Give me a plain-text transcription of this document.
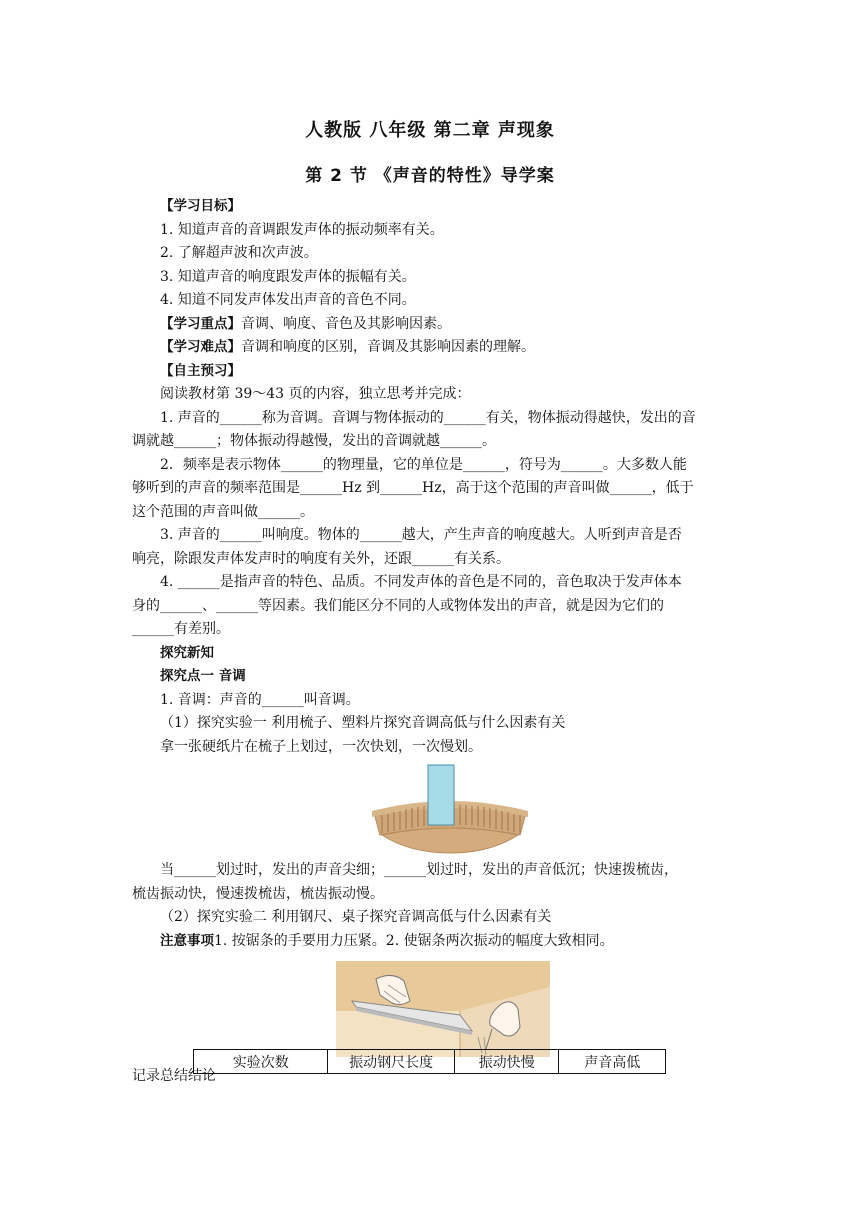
人教版 八年级 第二章 声现象
第 2 节 《声音的特性》导学案

【学习目标】

1. 知道声音的音调跟发声体的振动频率有关。

2. 了解超声波和次声波。

3. 知道声音的响度跟发声体的振幅有关。

4. 知道不同发声体发出声音的音色不同。

【学习重点】音调、响度、音色及其影响因素。

【学习难点】音调和响度的区别，音调及其影响因素的理解。

【自主预习】

阅读教材第 39～43 页的内容，独立思考并完成：

1. 声音的______称为音调。音调与物体振动的______有关，物体振动得越快，发出的音

调就越______；物体振动得越慢，发出的音调就越______。

2．频率是表示物体______的物理量，它的单位是______，符号为______。大多数人能

够听到的声音的频率范围是______Hz 到______Hz，高于这个范围的声音叫做______，低于

这个范围的声音叫做______。

3. 声音的______叫响度。物体的______越大，产生声音的响度越大。人听到声音是否

响亮，除跟发声体发声时的响度有关外，还跟______有关系。

4. ______是指声音的特色、品质。不同发声体的音色是不同的，音色取决于发声体本

身的______、______等因素。我们能区分不同的人或物体发出的声音，就是因为它们的

______有差别。

探究新知

探究点一 音调

1. 音调：声音的______叫音调。

（1）探究实验一 利用梳子、塑料片探究音调高低与什么因素有关

拿一张硬纸片在梳子上划过，一次快划，一次慢划。

当______划过时，发出的声音尖细；______划过时，发出的声音低沉；快速拨梳齿，

梳齿振动快，慢速拨梳齿，梳齿振动慢。

（2）探究实验二 利用钢尺、桌子探究音调高低与什么因素有关

注意事项1. 按锯条的手要用力压紧。2. 使锯条两次振动的幅度大致相同。

记录总结结论

实验次数	振动钢尺长度	振动快慢	声音高低
